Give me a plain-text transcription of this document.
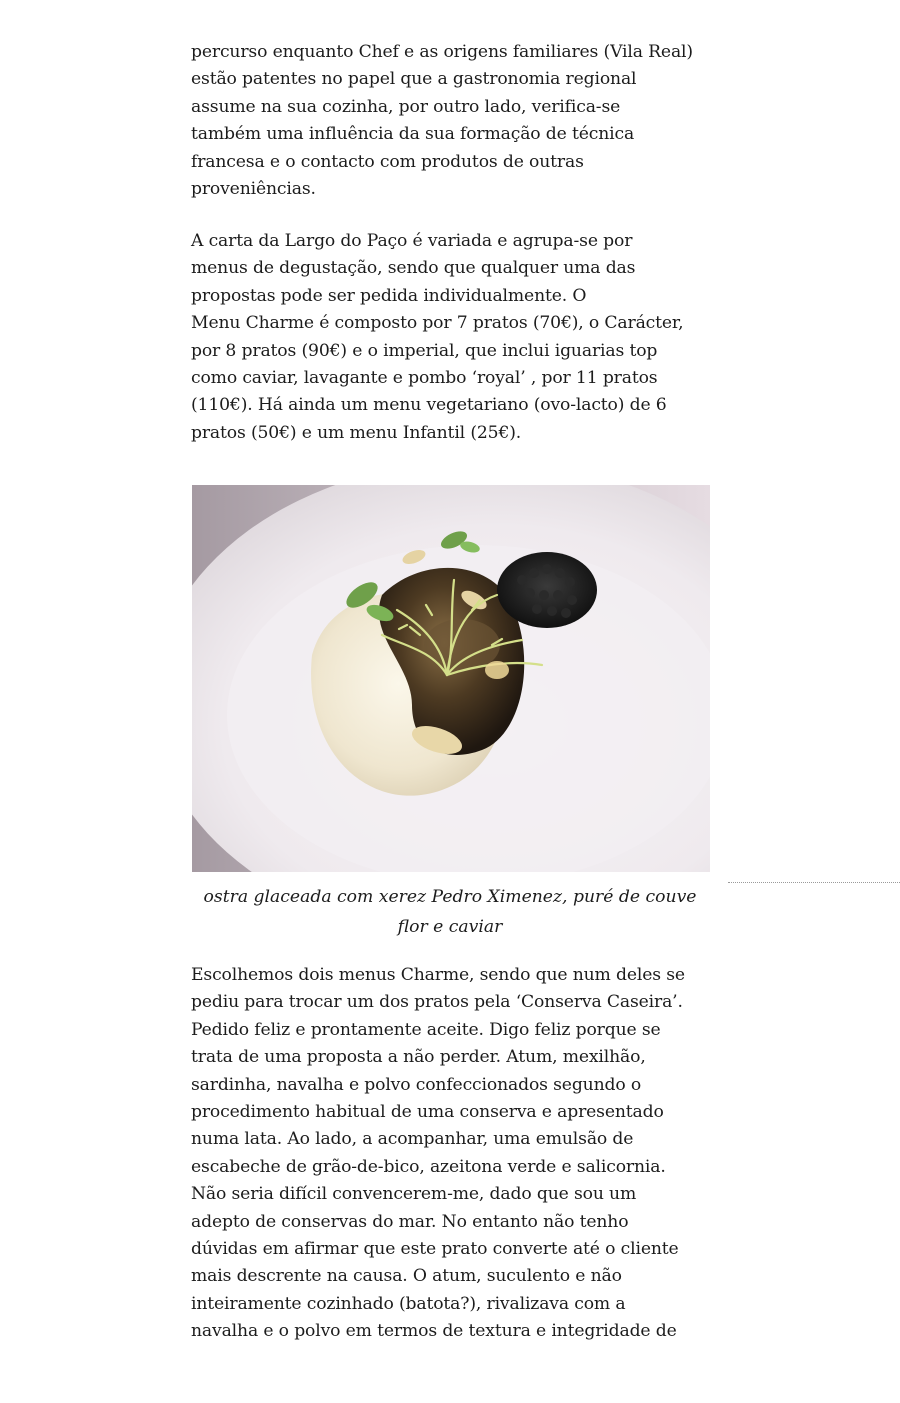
percurso enquanto Chef e as origens familiares (Vila Real)
estão patentes no papel que a gastronomia regional
assume na sua cozinha, por outro lado, verifica-se
também uma influência da sua formação de técnica
francesa e o contacto com produtos de outras
proveniências.

A carta da Largo do Paço é variada e agrupa-se por
menus de degustação, sendo que qualquer uma das
propostas pode ser pedida individualmente. O
Menu Charme é composto por 7 pratos (70€), o Carácter,
por 8 pratos (90€) e o imperial, que inclui iguarias top
como caviar, lavagante e pombo ‘royal’ , por 11 pratos
(110€). Há ainda um menu vegetariano (ovo-lacto) de 6
pratos (50€) e um menu Infantil (25€).

ostra glaceada com xerez Pedro Ximenez, puré de couve
flor e caviar

Escolhemos dois menus Charme, sendo que num deles se
pediu para trocar um dos pratos pela ‘Conserva Caseira’.
Pedido feliz e prontamente aceite. Digo feliz porque se
trata de uma proposta a não perder. Atum, mexilhão,
sardinha, navalha e polvo confeccionados segundo o
procedimento habitual de uma conserva e apresentado
numa lata. Ao lado, a acompanhar, uma emulsão de
escabeche de grão-de-bico, azeitona verde e salicornia.
Não seria difícil convencerem-me, dado que sou um
adepto de conservas do mar. No entanto não tenho
dúvidas em afirmar que este prato converte até o cliente
mais descrente na causa. O atum, suculento e não
inteiramente cozinhado (batota?), rivalizava com a
navalha e o polvo em termos de textura e integridade de
